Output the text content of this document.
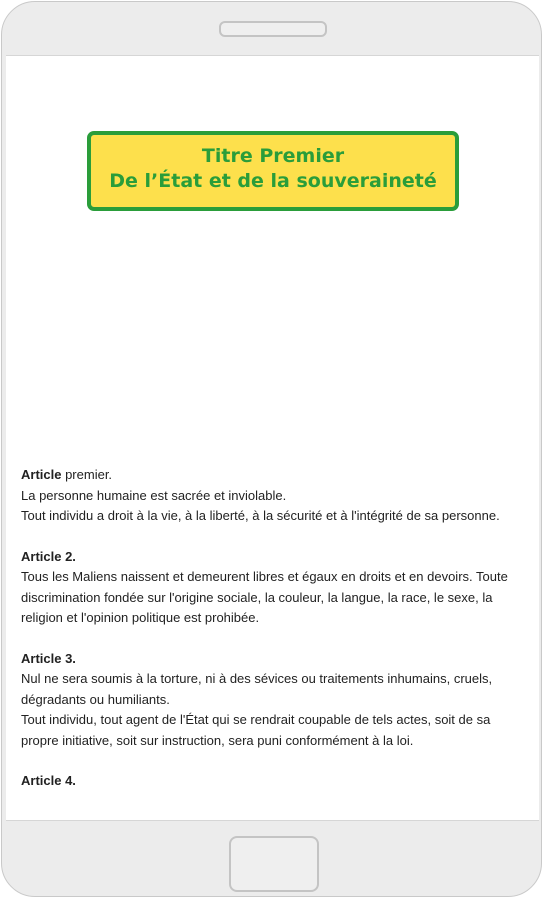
Titre Premier
De l’État et de la souveraineté
Article premier.
La personne humaine est sacrée et inviolable.
Tout individu a droit à la vie, à la liberté, à la sécurité et à l'intégrité de sa personne.
Article 2.
Tous les Maliens naissent et demeurent libres et égaux en droits et en devoirs. Toute discrimination fondée sur l'origine sociale, la couleur, la langue, la race, le sexe, la religion et l'opinion politique est prohibée.
Article 3.
Nul ne sera soumis à la torture, ni à des sévices ou traitements inhumains, cruels, dégradants ou humiliants.
Tout individu, tout agent de l'État qui se rendrait coupable de tels actes, soit de sa propre initiative, soit sur instruction, sera puni conformément à la loi.
Article 4.
